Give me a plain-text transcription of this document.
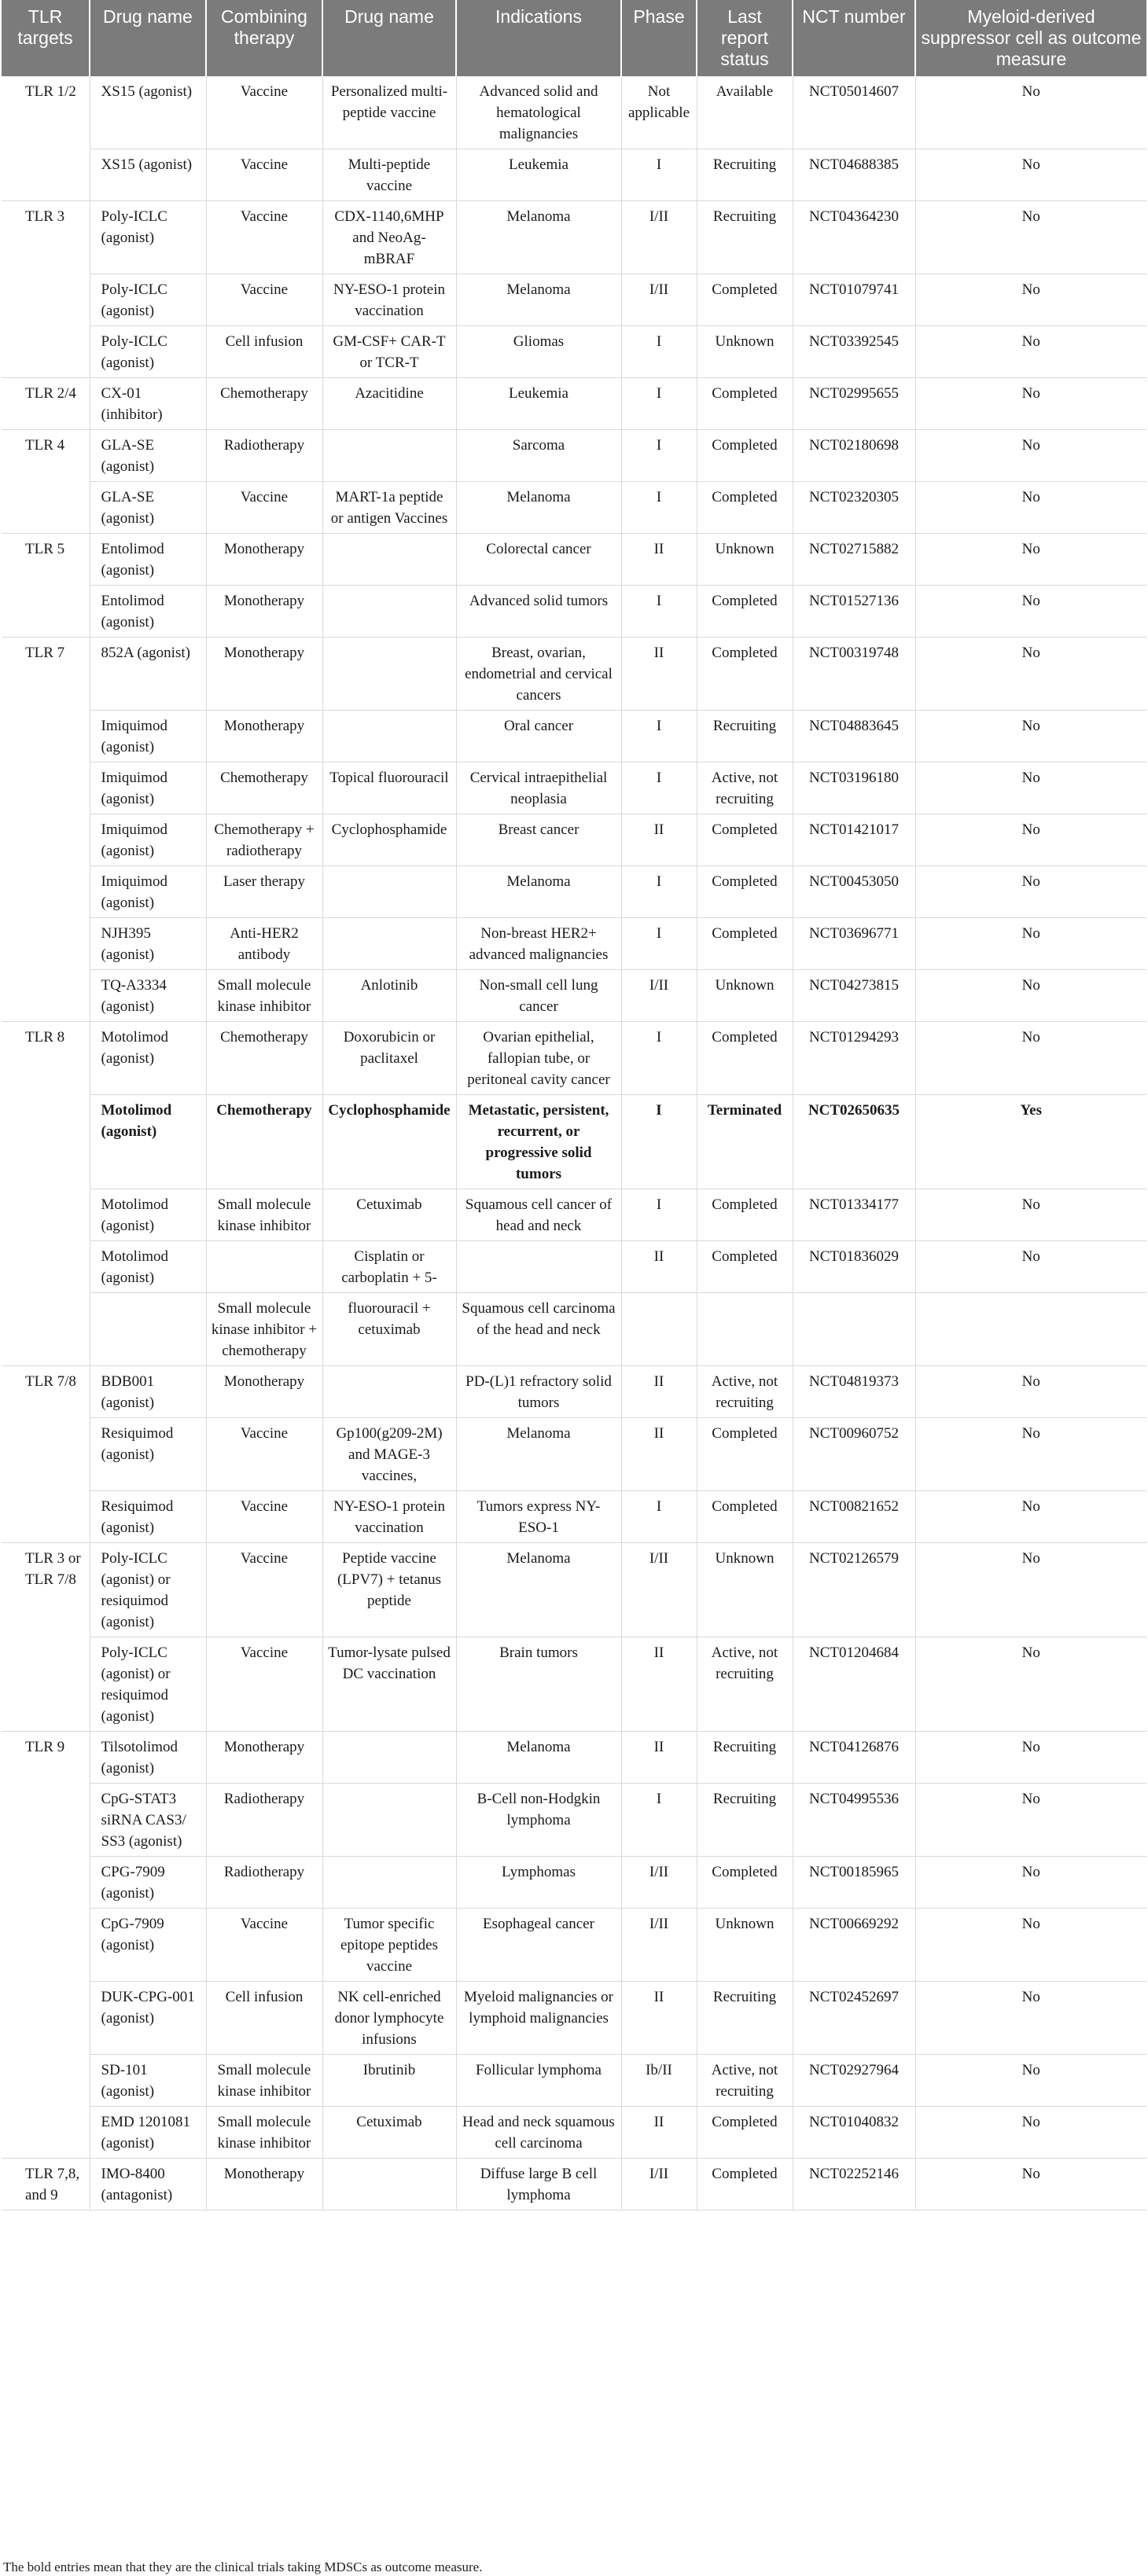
TLR targets	Drug name	Combining therapy	Drug name	Indications	Phase	Last report status	NCT number	Myeloid-derived suppressor cell as outcome measure
TLR 1/2	XS15 (agonist)	Vaccine	Personalized multi-peptide vaccine	Advanced solid and hematological malignancies	Not applicable	Available	NCT05014607	No
	XS15 (agonist)	Vaccine	Multi-peptide vaccine	Leukemia	I	Recruiting	NCT04688385	No
TLR 3	Poly-ICLC (agonist)	Vaccine	CDX-1140,6MHP and NeoAg-mBRAF	Melanoma	I/II	Recruiting	NCT04364230	No
	Poly-ICLC (agonist)	Vaccine	NY-ESO-1 protein vaccination	Melanoma	I/II	Completed	NCT01079741	No
	Poly-ICLC (agonist)	Cell infusion	GM-CSF+ CAR-T or TCR-T	Gliomas	I	Unknown	NCT03392545	No
TLR 2/4	CX-01 (inhibitor)	Chemotherapy	Azacitidine	Leukemia	I	Completed	NCT02995655	No
TLR 4	GLA-SE (agonist)	Radiotherapy		Sarcoma	I	Completed	NCT02180698	No
	GLA-SE (agonist)	Vaccine	MART-1a peptide or antigen Vaccines	Melanoma	I	Completed	NCT02320305	No
TLR 5	Entolimod (agonist)	Monotherapy		Colorectal cancer	II	Unknown	NCT02715882	No
	Entolimod (agonist)	Monotherapy		Advanced solid tumors	I	Completed	NCT01527136	No
TLR 7	852A (agonist)	Monotherapy		Breast, ovarian, endometrial and cervical cancers	II	Completed	NCT00319748	No
	Imiquimod (agonist)	Monotherapy		Oral cancer	I	Recruiting	NCT04883645	No
	Imiquimod (agonist)	Chemotherapy	Topical fluorouracil	Cervical intraepithelial neoplasia	I	Active, not recruiting	NCT03196180	No
	Imiquimod (agonist)	Chemotherapy + radiotherapy	Cyclophosphamide	Breast cancer	II	Completed	NCT01421017	No
	Imiquimod (agonist)	Laser therapy		Melanoma	I	Completed	NCT00453050	No
	NJH395 (agonist)	Anti-HER2 antibody		Non-breast HER2+ advanced malignancies	I	Completed	NCT03696771	No
	TQ-A3334 (agonist)	Small molecule kinase inhibitor	Anlotinib	Non-small cell lung cancer	I/II	Unknown	NCT04273815	No
TLR 8	Motolimod (agonist)	Chemotherapy	Doxorubicin or paclitaxel	Ovarian epithelial, fallopian tube, or peritoneal cavity cancer	I	Completed	NCT01294293	No
	Motolimod (agonist)	Chemotherapy	Cyclophosphamide	Metastatic, persistent, recurrent, or progressive solid tumors	I	Terminated	NCT02650635	Yes
	Motolimod (agonist)	Small molecule kinase inhibitor	Cetuximab	Squamous cell cancer of head and neck	I	Completed	NCT01334177	No
	Motolimod (agonist)		Cisplatin or carboplatin + 5-		II	Completed	NCT01836029	No
		Small molecule kinase inhibitor + chemotherapy	fluorouracil + cetuximab	Squamous cell carcinoma of the head and neck				
TLR 7/8	BDB001 (agonist)	Monotherapy		PD-(L)1 refractory solid tumors	II	Active, not recruiting	NCT04819373	No
	Resiquimod (agonist)	Vaccine	Gp100(g209-2M) and MAGE-3 vaccines,	Melanoma	II	Completed	NCT00960752	No
	Resiquimod (agonist)	Vaccine	NY-ESO-1 protein vaccination	Tumors express NY-ESO-1	I	Completed	NCT00821652	No
TLR 3 or TLR 7/8	Poly-ICLC (agonist) or resiquimod (agonist)	Vaccine	Peptide vaccine (LPV7) + tetanus peptide	Melanoma	I/II	Unknown	NCT02126579	No
	Poly-ICLC (agonist) or resiquimod (agonist)	Vaccine	Tumor-lysate pulsed DC vaccination	Brain tumors	II	Active, not recruiting	NCT01204684	No
TLR 9	Tilsotolimod (agonist)	Monotherapy		Melanoma	II	Recruiting	NCT04126876	No
	CpG-STAT3 siRNA CAS3/ SS3 (agonist)	Radiotherapy		B-Cell non-Hodgkin lymphoma	I	Recruiting	NCT04995536	No
	CPG-7909 (agonist)	Radiotherapy		Lymphomas	I/II	Completed	NCT00185965	No
	CpG-7909 (agonist)	Vaccine	Tumor specific epitope peptides vaccine	Esophageal cancer	I/II	Unknown	NCT00669292	No
	DUK-CPG-001 (agonist)	Cell infusion	NK cell-enriched donor lymphocyte infusions	Myeloid malignancies or lymphoid malignancies	II	Recruiting	NCT02452697	No
	SD-101 (agonist)	Small molecule kinase inhibitor	Ibrutinib	Follicular lymphoma	Ib/II	Active, not recruiting	NCT02927964	No
	EMD 1201081 (agonist)	Small molecule kinase inhibitor	Cetuximab	Head and neck squamous cell carcinoma	II	Completed	NCT01040832	No
TLR 7,8, and 9	IMO-8400 (antagonist)	Monotherapy		Diffuse large B cell lymphoma	I/II	Completed	NCT02252146	No

The bold entries mean that they are the clinical trials taking MDSCs as outcome measure.
